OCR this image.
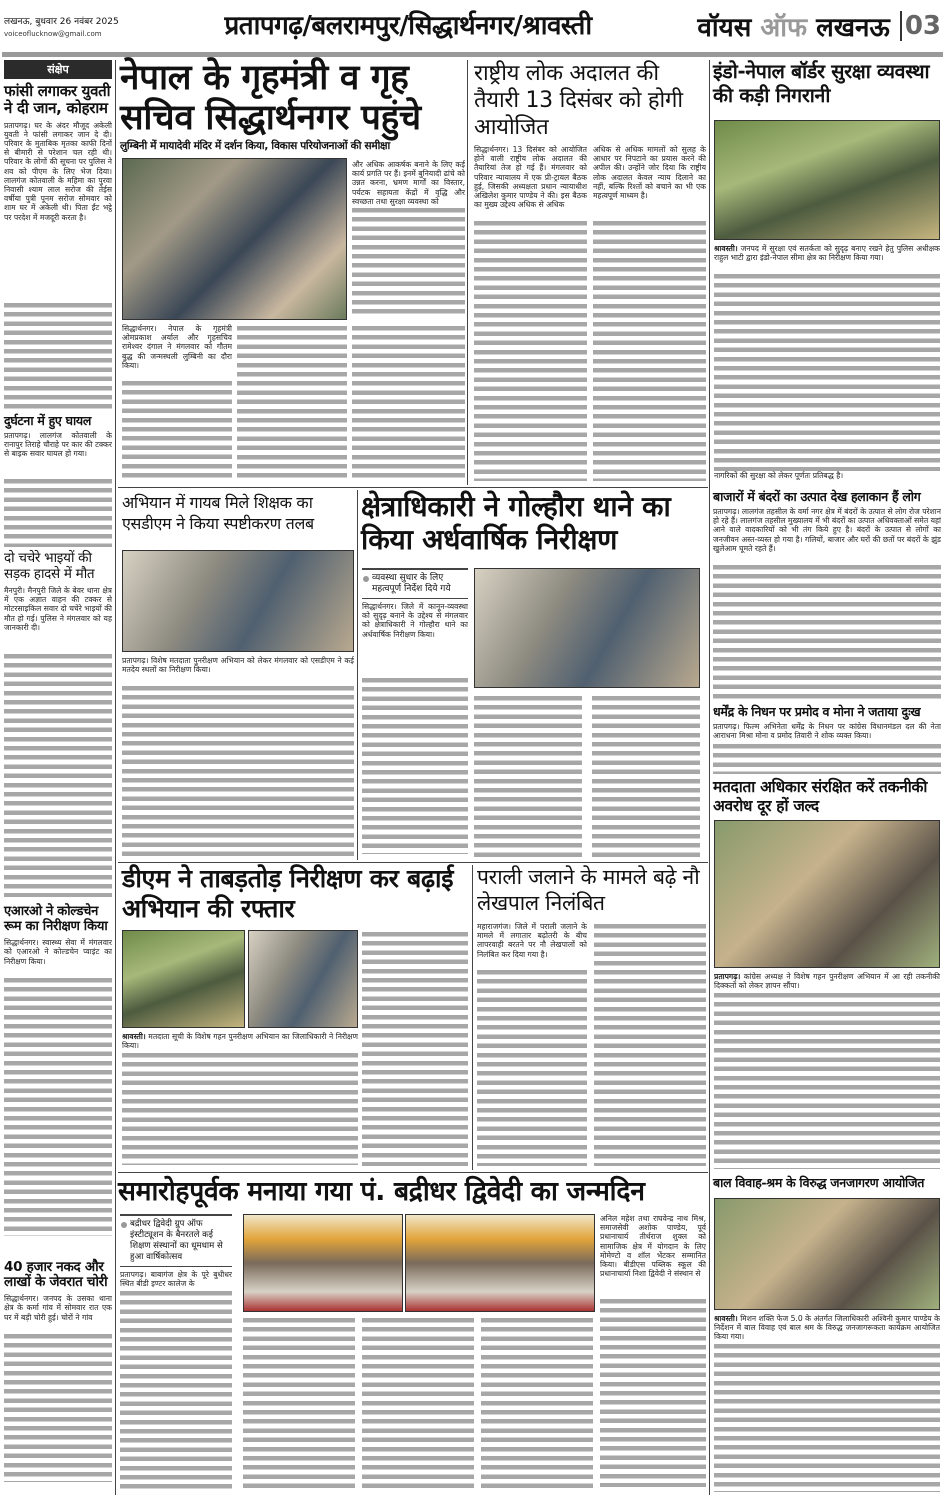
लखनऊ, बुधवार 26 नवंबर 2025
voiceoflucknow@gmail.com	प्रतापगढ़/बलरामपुर/सिद्धार्थनगर/श्रावस्ती	वॉयस ऑफ लखनऊ 03
संक्षेप
फांसी लगाकर युवती ने दी जान, कोहराम
प्रतापगढ़। घर के अंदर मौजूद अकेली युवती ने फांसी लगाकर जान दे दी। परिवार के मुताबिक मृतका काफी दिनों से बीमारी से परेशान चल रही थी। परिवार के लोगों की सूचना पर पुलिस ने शव को पीएम के लिए भेज दिया। लालगंज कोतवाली के महिमा का पुरवा निवासी श्याम लाल सरोज की तेईस वर्षीया पुत्री पूनम सरोज सोमवार को शाम घर में अकेली थी। पिता ईंट भट्ठे पर परदेश में मजदूरी करता है।
दुर्घटना में हुए घायल
प्रतापगढ़। लालगंज कोतवाली के रानापुर तिराहे चौराहे पर कार की टक्कर से बाइक सवार घायल हो गया।
दो चचेरे भाइयों की सड़क हादसे में मौत
मैनपुरी। मैनपुरी जिले के बेवर थाना क्षेत्र में एक अज्ञात वाहन की टक्कर से मोटरसाइकिल सवार दो चचेरे भाइयों की मौत हो गई। पुलिस ने मंगलवार को यह जानकारी दी।
एआरओ ने कोल्डचेन रूम का निरीक्षण किया
सिद्धार्थनगर। स्वास्थ्य सेवा में मंगलवार को एआरओ ने कोल्डचेन प्वाइंट का निरीक्षण किया।
40 हजार नकद और लाखों के जेवरात चोरी
सिद्धार्थनगर। जनपद के उसका थाना क्षेत्र के कर्मा गांव में सोमवार रात एक घर में बड़ी चोरी हुई। चोरों ने गांव
नेपाल के गृहमंत्री व गृह सचिव सिद्धार्थनगर पहुंचे
लुम्बिनी में मायादेवी मंदिर में दर्शन किया, विकास परियोजनाओं की समीक्षा
और अधिक आकर्षक बनाने के लिए कई कार्य प्रगति पर हैं। इनमें बुनियादी ढांचे को उन्नत करना, भ्रमण मार्गों का विस्तार, पर्यटक सहायता केंद्रों में वृद्धि और स्वच्छता तथा सुरक्षा व्यवस्था को
सिद्धार्थनगर। नेपाल के गृहमंत्री ओमप्रकाश अर्याल और गृहसचिव रामेश्वर दंगाल ने मंगलवार को गौतम बुद्ध की जन्मस्थली लुम्बिनी का दौरा किया।
राष्ट्रीय लोक अदालत की तैयारी 13 दिसंबर को होगी आयोजित
सिद्धार्थनगर। 13 दिसंबर को आयोजित होने वाली राष्ट्रीय लोक अदालत की तैयारियां तेज हो गई हैं। मंगलवार को परिवार न्यायालय में एक प्री-ट्रायल बैठक हुई, जिसकी अध्यक्षता प्रधान न्यायाधीश अखिलेश कुमार पाण्डेय ने की। इस बैठक का मुख्य उद्देश्य अधिक से अधिक
अधिक से अधिक मामलों को सुलह के आधार पर निपटाने का प्रयास करने की अपील की। उन्होंने जोर दिया कि राष्ट्रीय लोक अदालत केवल न्याय दिलाने का नहीं, बल्कि रिश्तों को बचाने का भी एक महत्वपूर्ण माध्यम है।
इंडो-नेपाल बॉर्डर सुरक्षा व्यवस्था की कड़ी निगरानी
श्रावस्ती। जनपद में सुरक्षा एवं सतर्कता को सुदृढ़ बनाए रखने हेतु पुलिस अधीक्षक राहुल भाटी द्वारा इंडो-नेपाल सीमा क्षेत्र का निरीक्षण किया गया।
नागरिकों की सुरक्षा को लेकर पूर्णतः प्रतिबद्ध है।
अभियान में गायब मिले शिक्षक का एसडीएम ने किया स्पष्टीकरण तलब
प्रतापगढ़। विशेष मतदाता पुनरीक्षण अभियान को लेकर मंगलवार को एसडीएम ने कई मतदेय स्थलों का निरीक्षण किया।
क्षेत्राधिकारी ने गोल्हौरा थाने का किया अर्धवार्षिक निरीक्षण
व्यवस्था सुधार के लिए महत्वपूर्ण निर्देश दिये गये
सिद्धार्थनगर। जिले में कानून-व्यवस्था को सुदृढ़ बनाने के उद्देश्य से मंगलवार को क्षेत्राधिकारी ने गोल्हौरा थाने का अर्धवार्षिक निरीक्षण किया।
बाजारों में बंदरों का उत्पात देख हलाकान हैं लोग
प्रतापगढ़। लालगंज तहसील के वर्मा नगर क्षेत्र में बंदरों के उत्पात से लोग रोज परेशान हो रहे हैं। लालगंज तहसील मुख्यालय में भी बंदरों का उत्पात अधिवक्ताओं समेत यहां आने वाले वादकारियों को भी तंग किये हुए है। बंदरों के उत्पात से लोगों का जनजीवन अस्त-व्यस्त हो गया है। गलियों, बाजार और घरों की छतों पर बंदरों के झुंड खुलेआम घूमते रहते हैं।
धर्मेंद्र के निधन पर प्रमोद व मोना ने जताया दुःख
प्रतापगढ़। फिल्म अभिनेता धर्मेंद्र के निधन पर कांग्रेस विधानमंडल दल की नेता आराधना मिश्रा मोना व प्रमोद तिवारी ने शोक व्यक्त किया।
मतदाता अधिकार संरक्षित करें तकनीकी अवरोध दूर हों जल्द
प्रतापगढ़। कांग्रेस अध्यक्ष ने विशेष गहन पुनरीक्षण अभियान में आ रही तकनीकी दिक्कतों को लेकर ज्ञापन सौंपा।
डीएम ने ताबड़तोड़ निरीक्षण कर बढ़ाई अभियान की रफ्तार
श्रावस्ती। मतदाता सूची के विशेष गहन पुनरीक्षण अभियान का जिलाधिकारी ने निरीक्षण किया।
पराली जलाने के मामले बढ़े नौ लेखपाल निलंबित
महाराजगंज। जिले में पराली जलाने के मामले में लगातार बढ़ोतरी के बीच लापरवाही बरतने पर नौ लेखपालों को निलंबित कर दिया गया है।
समारोहपूर्वक मनाया गया पं. बद्रीधर द्विवेदी का जन्मदिन
बद्रीधर द्विवेदी ग्रुप ऑफ इंस्टीट्यूशन के बैनरतले कई शिक्षण संस्थानों का धूमधाम से हुआ वार्षिकोत्सव
प्रतापगढ़। बाबागंज क्षेत्र के पूरे बुधीधर स्थित बीडी इण्टर कालेज के
अनिल महेश तथा राघवेन्द्र नाथ मिश्र, समाजसेवी अशोक पाण्डेय, पूर्व प्रधानाचार्य तीर्थराज शुक्ल को सामाजिक क्षेत्र में योगदान के लिए मोमेण्टो व शॉल भेंटकर सम्मानित किया। बीडीएस पब्लिक स्कूल की प्रधानाचार्या निशा द्विवेदी ने संस्थान से
बाल विवाह-श्रम के विरुद्ध जनजागरण आयोजित
श्रावस्ती। मिशन शक्ति फेज 5.0 के अंतर्गत जिलाधिकारी अश्विनी कुमार पाण्डेय के निर्देशन में बाल विवाह एवं बाल श्रम के विरुद्ध जनजागरूकता कार्यक्रम आयोजित किया गया।
